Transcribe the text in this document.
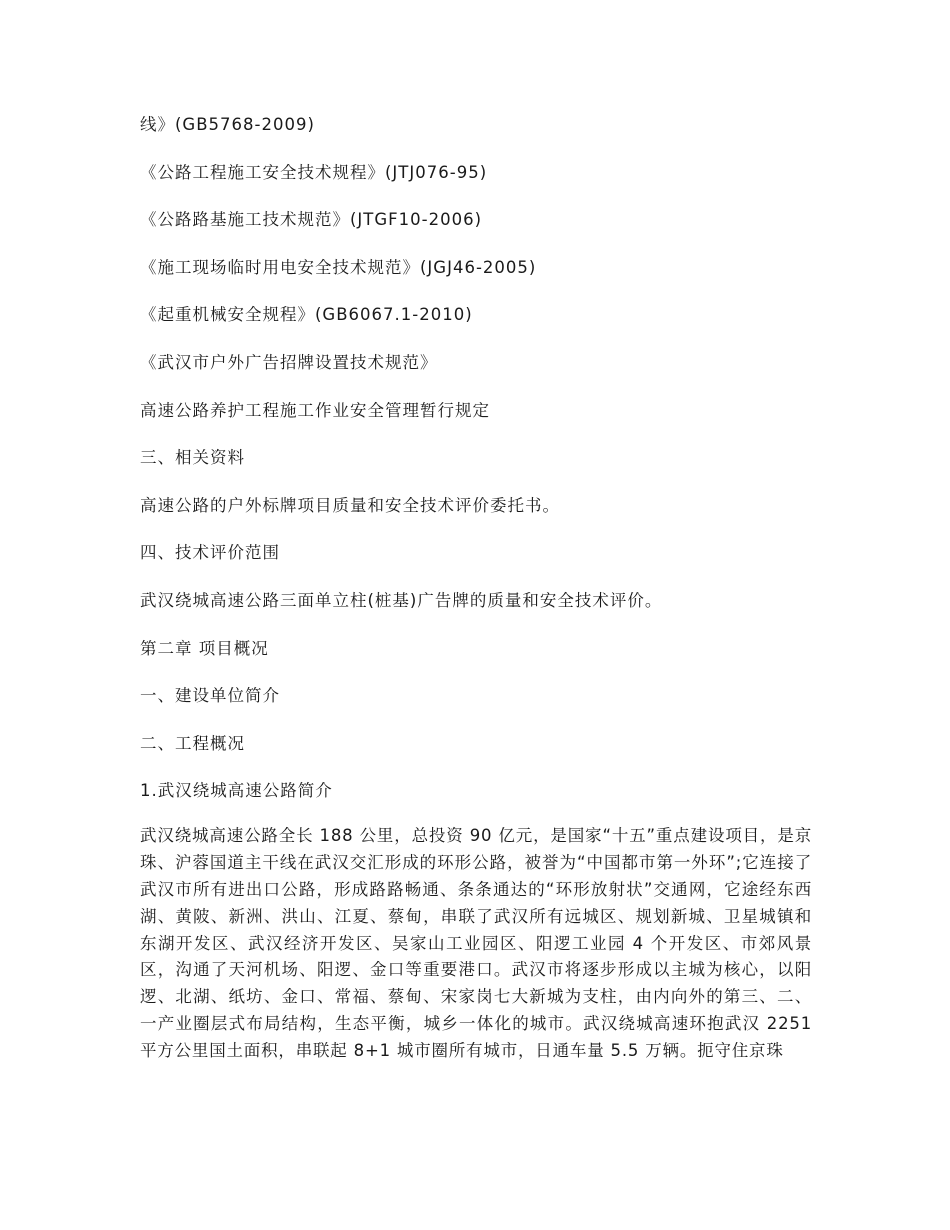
线》(GB5768-2009)
《公路工程施工安全技术规程》(JTJ076-95)
《公路路基施工技术规范》(JTGF10-2006)
《施工现场临时用电安全技术规范》(JGJ46-2005)
《起重机械安全规程》(GB6067.1-2010)
《武汉市户外广告招牌设置技术规范》
高速公路养护工程施工作业安全管理暂行规定
三、相关资料
高速公路的户外标牌项目质量和安全技术评价委托书。
四、技术评价范围
武汉绕城高速公路三面单立柱(桩基)广告牌的质量和安全技术评价。
第二章 项目概况
一、建设单位简介
二、工程概况
1.武汉绕城高速公路简介

武汉绕城高速公路全长 188 公里，总投资 90 亿元，是国家“十五”重点建设项目，是京珠、沪蓉国道主干线在武汉交汇形成的环形公路，被誉为“中国都市第一外环”;它连接了武汉市所有进出口公路，形成路路畅通、条条通达的“环形放射状”交通网，它途经东西湖、黄陂、新洲、洪山、江夏、蔡甸，串联了武汉所有远城区、规划新城、卫星城镇和东湖开发区、武汉经济开发区、吴家山工业园区、阳逻工业园 4 个开发区、市郊风景区，沟通了天河机场、阳逻、金口等重要港口。武汉市将逐步形成以主城为核心，以阳逻、北湖、纸坊、金口、常福、蔡甸、宋家岗七大新城为支柱，由内向外的第三、二、一产业圈层式布局结构，生态平衡，城乡一体化的城市。武汉绕城高速环抱武汉 2251 平方公里国土面积，串联起 8+1 城市圈所有城市，日通车量 5.5 万辆。扼守住京珠
